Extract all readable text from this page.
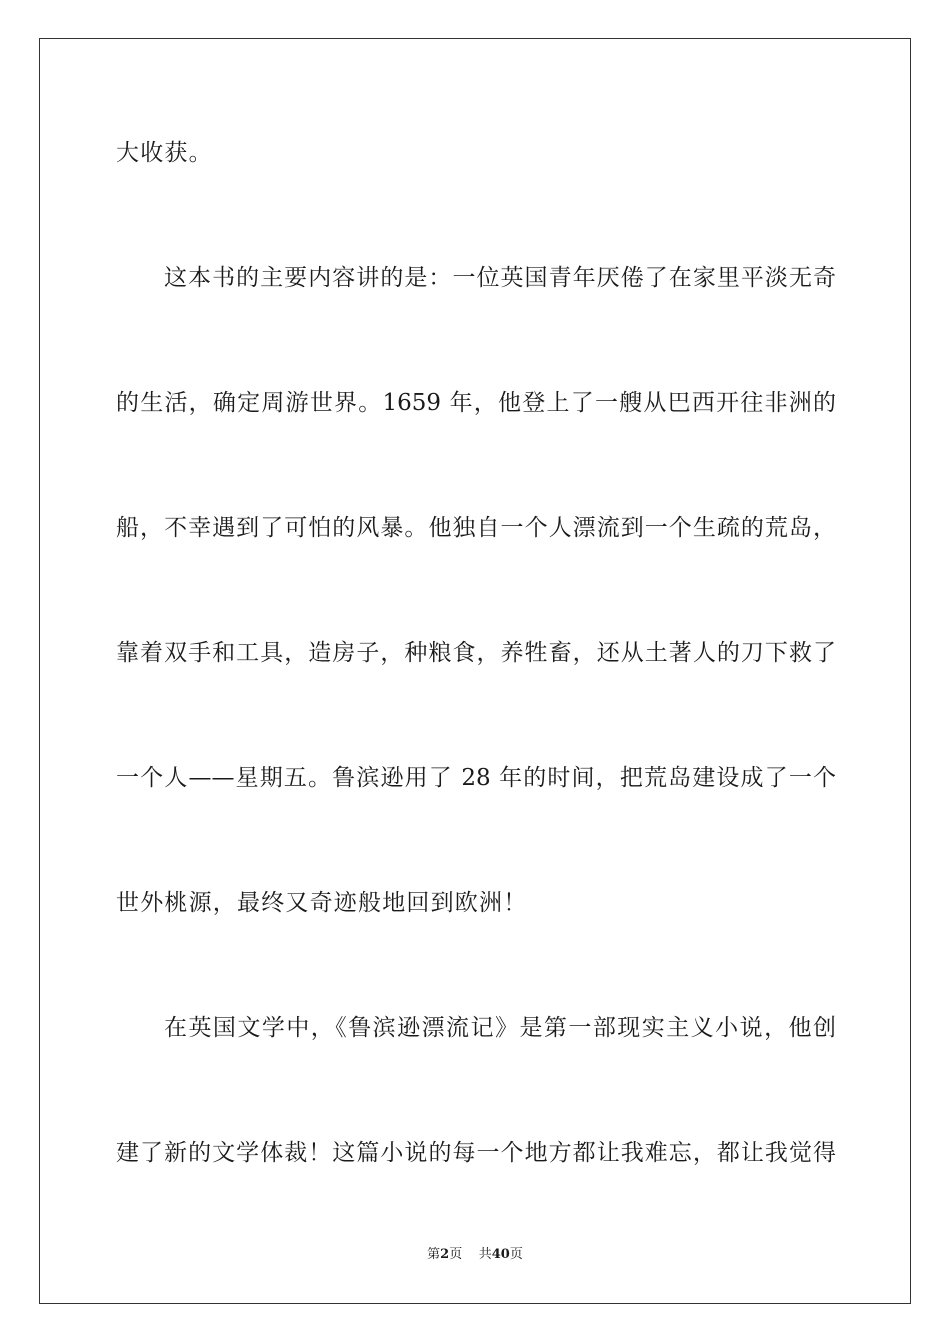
大收获。
这本书的主要内容讲的是：一位英国青年厌倦了在家里平淡无奇
的生活，确定周游世界。1659 年，他登上了一艘从巴西开往非洲的
船，不幸遇到了可怕的风暴。他独自一个人漂流到一个生疏的荒岛，
靠着双手和工具，造房子，种粮食，养牲畜，还从土著人的刀下救了
一个人——星期五。鲁滨逊用了 28 年的时间，把荒岛建设成了一个
世外桃源，最终又奇迹般地回到欧洲！
在英国文学中，《鲁滨逊漂流记》是第一部现实主义小说，他创
建了新的文学体裁！这篇小说的每一个地方都让我难忘，都让我觉得
第2页 共40页
